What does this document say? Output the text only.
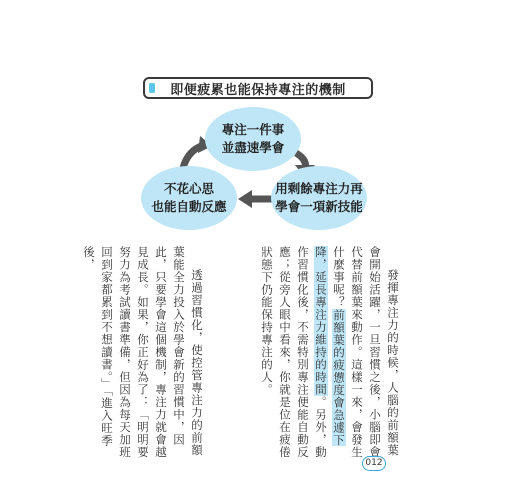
即便疲累也能保持專注的機制
專注一件事
並盡速學會
用剩餘專注力再
學會一項新技能
不花心思
也能自動反應

發揮專注力的時候，人腦的前額葉會開始活躍，一旦習慣之後，小腦即會代替前額葉來動作。這樣一來，會發生什麼事呢？前額葉的疲憊度會急遽下降，延長專注力維持的時間。另外，動作習慣化後，不需特別專注便能自動反應；從旁人眼中看來，你就是位在疲倦狀態下仍能保持專注的人。

透過習慣化，使控管專注力的前額葉能全力投入於學會新的習慣中，因此，只要學會這個機制，專注力就會越見成長。如果，你正好為了：「明明要努力為考試讀書準備，但因為每天加班回到家都累到不想讀書。」「進入旺季後，

012
